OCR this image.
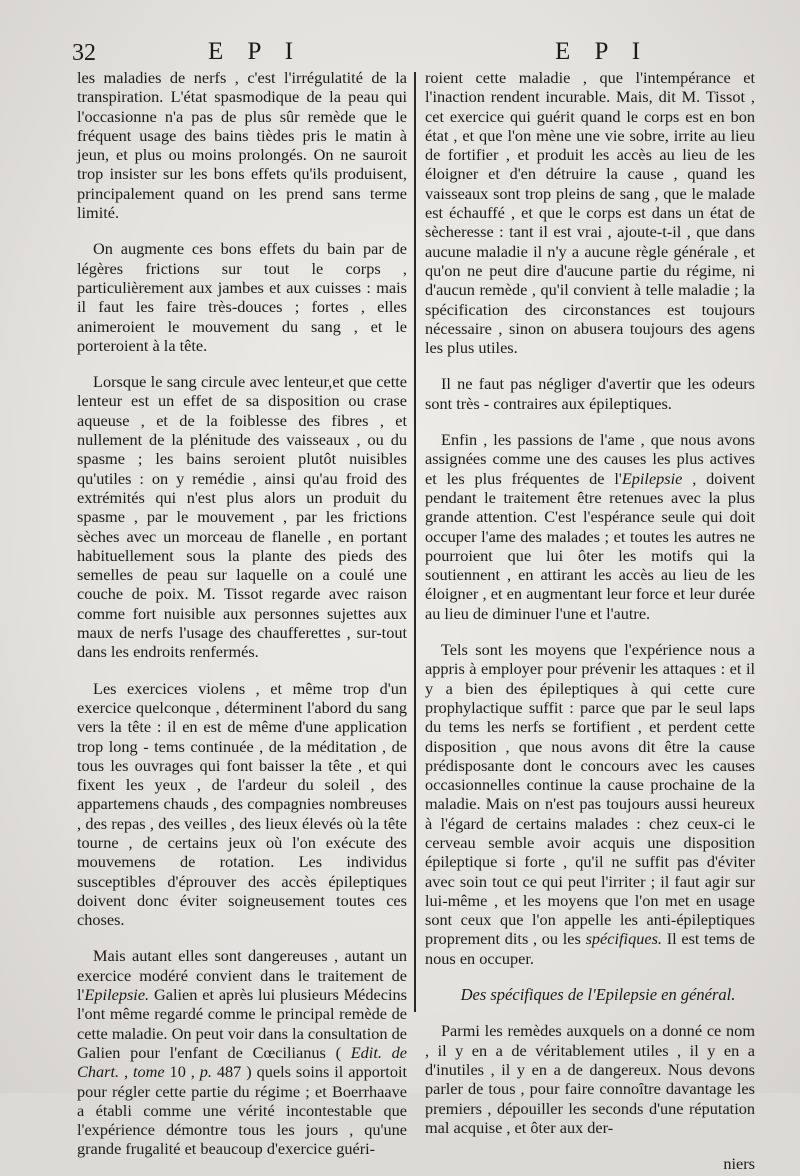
32	E P I	E P I

les maladies de nerfs , c'est l'irrégulatité de la transpiration. L'état spasmodique de la peau qui l'occasionne n'a pas de plus sûr remède que le fréquent usage des bains tièdes pris le matin à jeun, et plus ou moins prolongés. On ne sauroit trop insister sur les bons effets qu'ils produisent, principalement quand on les prend sans terme limité.

On augmente ces bons effets du bain par de légères frictions sur tout le corps , particulièrement aux jambes et aux cuisses : mais il faut les faire très-douces ; fortes , elles animeroient le mouvement du sang , et le porteroient à la tête.

Lorsque le sang circule avec lenteur,et que cette lenteur est un effet de sa disposition ou crase aqueuse , et de la foiblesse des fibres , et nullement de la plénitude des vaisseaux , ou du spasme ; les bains seroient plutôt nuisibles qu'utiles : on y remédie , ainsi qu'au froid des extrémités qui n'est plus alors un produit du spasme , par le mouvement , par les frictions sèches avec un morceau de flanelle , en portant habituellement sous la plante des pieds des semelles de peau sur laquelle on a coulé une couche de poix. M. Tissot regarde avec raison comme fort nuisible aux personnes sujettes aux maux de nerfs l'usage des chaufferettes , sur-tout dans les endroits renfermés.

Les exercices violens , et même trop d'un exercice quelconque , déterminent l'abord du sang vers la tête : il en est de même d'une application trop long - tems continuée , de la méditation , de tous les ouvrages qui font baisser la tête , et qui fixent les yeux , de l'ardeur du soleil , des appartemens chauds , des compagnies nombreuses , des repas , des veilles , des lieux élevés où la tête tourne , de certains jeux où l'on exécute des mouvemens de rotation. Les individus susceptibles d'éprouver des accès épileptiques doivent donc éviter soigneusement toutes ces choses.

Mais autant elles sont dangereuses , autant un exercice modéré convient dans le traitement de l'Epilepsie. Galien et après lui plusieurs Médecins l'ont même regardé comme le principal remède de cette maladie. On peut voir dans la consultation de Galien pour l'enfant de Cœcilianus ( Edit. de Chart. , tome 10 , p. 487 ) quels soins il apportoit pour régler cette partie du régime ; et Boerrhaave a établi comme une vérité incontestable que l'expérience démontre tous les jours , qu'une grande frugalité et beaucoup d'exercice guéri-

roient cette maladie , que l'intempérance et l'inaction rendent incurable. Mais, dit M. Tissot , cet exercice qui guérit quand le corps est en bon état , et que l'on mène une vie sobre, irrite au lieu de fortifier , et produit les accès au lieu de les éloigner et d'en détruire la cause , quand les vaisseaux sont trop pleins de sang , que le malade est échauffé , et que le corps est dans un état de sècheresse : tant il est vrai , ajoute-t-il , que dans aucune maladie il n'y a aucune règle générale , et qu'on ne peut dire d'aucune partie du régime, ni d'aucun remède , qu'il convient à telle maladie ; la spécification des circonstances est toujours nécessaire , sinon on abusera toujours des agens les plus utiles.

Il ne faut pas négliger d'avertir que les odeurs sont très - contraires aux épileptiques.

Enfin , les passions de l'ame , que nous avons assignées comme une des causes les plus actives et les plus fréquentes de l'Epilepsie , doivent pendant le traitement être retenues avec la plus grande attention. C'est l'espérance seule qui doit occuper l'ame des malades ; et toutes les autres ne pourroient que lui ôter les motifs qui la soutiennent , en attirant les accès au lieu de les éloigner , et en augmentant leur force et leur durée au lieu de diminuer l'une et l'autre.

Tels sont les moyens que l'expérience nous a appris à employer pour prévenir les attaques : et il y a bien des épileptiques à qui cette cure prophylactique suffit : parce que par le seul laps du tems les nerfs se fortifient , et perdent cette disposition , que nous avons dit être la cause prédisposante dont le concours avec les causes occasionnelles continue la cause prochaine de la maladie. Mais on n'est pas toujours aussi heureux à l'égard de certains malades : chez ceux-ci le cerveau semble avoir acquis une disposition épileptique si forte , qu'il ne suffit pas d'éviter avec soin tout ce qui peut l'irriter ; il faut agir sur lui-même , et les moyens que l'on met en usage sont ceux que l'on appelle les anti-épileptiques proprement dits , ou les spécifiques. Il est tems de nous en occuper.

Des spécifiques de l'Epilepsie en général.

Parmi les remèdes auxquels on a donné ce nom , il y en a de véritablement utiles , il y en a d'inutiles , il y en a de dangereux. Nous devons parler de tous , pour faire connoître davantage les premiers , dépouiller les seconds d'une réputation mal acquise , et ôter aux der-

niers
